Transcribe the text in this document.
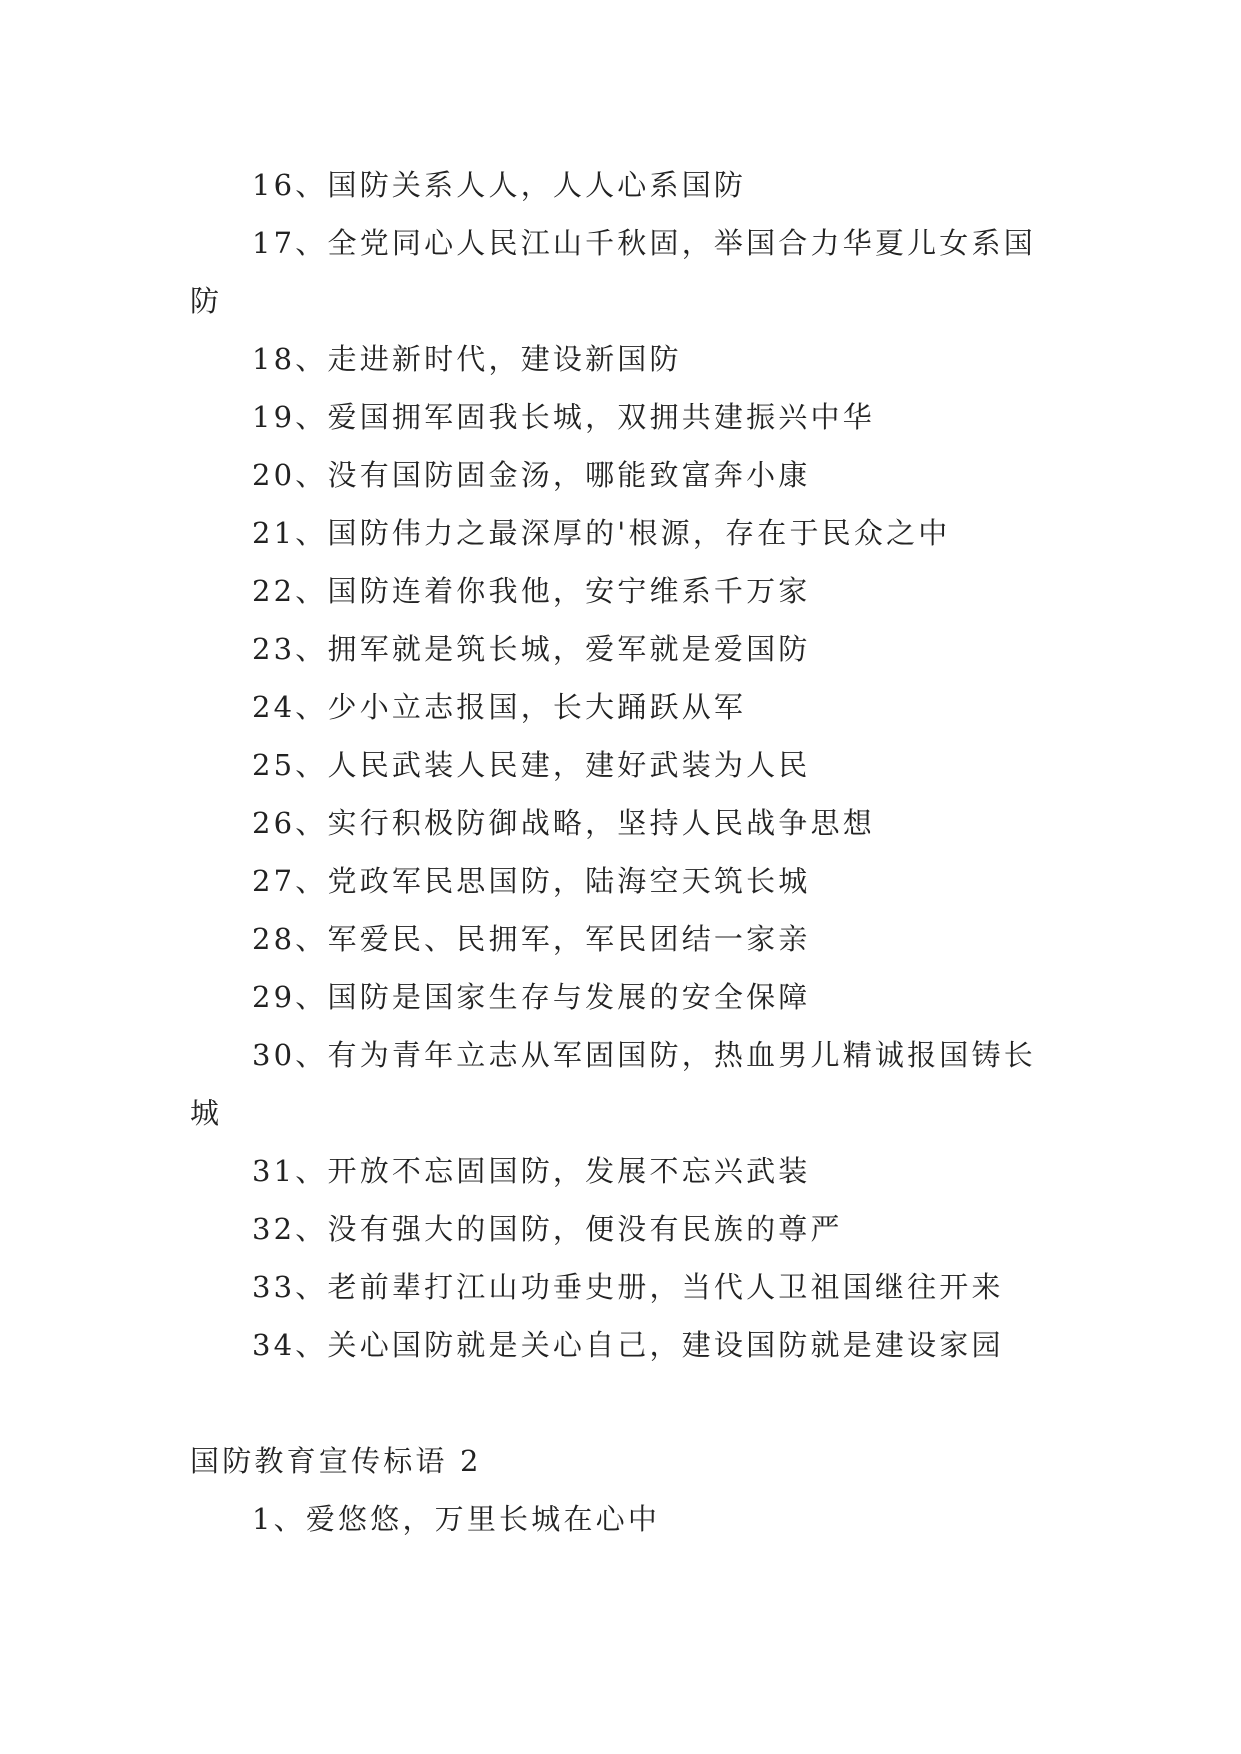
16、国防关系人人，人人心系国防

17、全党同心人民江山千秋固，举国合力华夏儿女系国防

18、走进新时代，建设新国防

19、爱国拥军固我长城，双拥共建振兴中华

20、没有国防固金汤，哪能致富奔小康

21、国防伟力之最深厚的'根源，存在于民众之中

22、国防连着你我他，安宁维系千万家

23、拥军就是筑长城，爱军就是爱国防

24、少小立志报国，长大踊跃从军

25、人民武装人民建，建好武装为人民

26、实行积极防御战略，坚持人民战争思想

27、党政军民思国防，陆海空天筑长城

28、军爱民、民拥军，军民团结一家亲

29、国防是国家生存与发展的安全保障

30、有为青年立志从军固国防，热血男儿精诚报国铸长城

31、开放不忘固国防，发展不忘兴武装

32、没有强大的国防，便没有民族的尊严

33、老前辈打江山功垂史册，当代人卫祖国继往开来

34、关心国防就是关心自己，建设国防就是建设家园

国防教育宣传标语 2

1、爱悠悠，万里长城在心中
